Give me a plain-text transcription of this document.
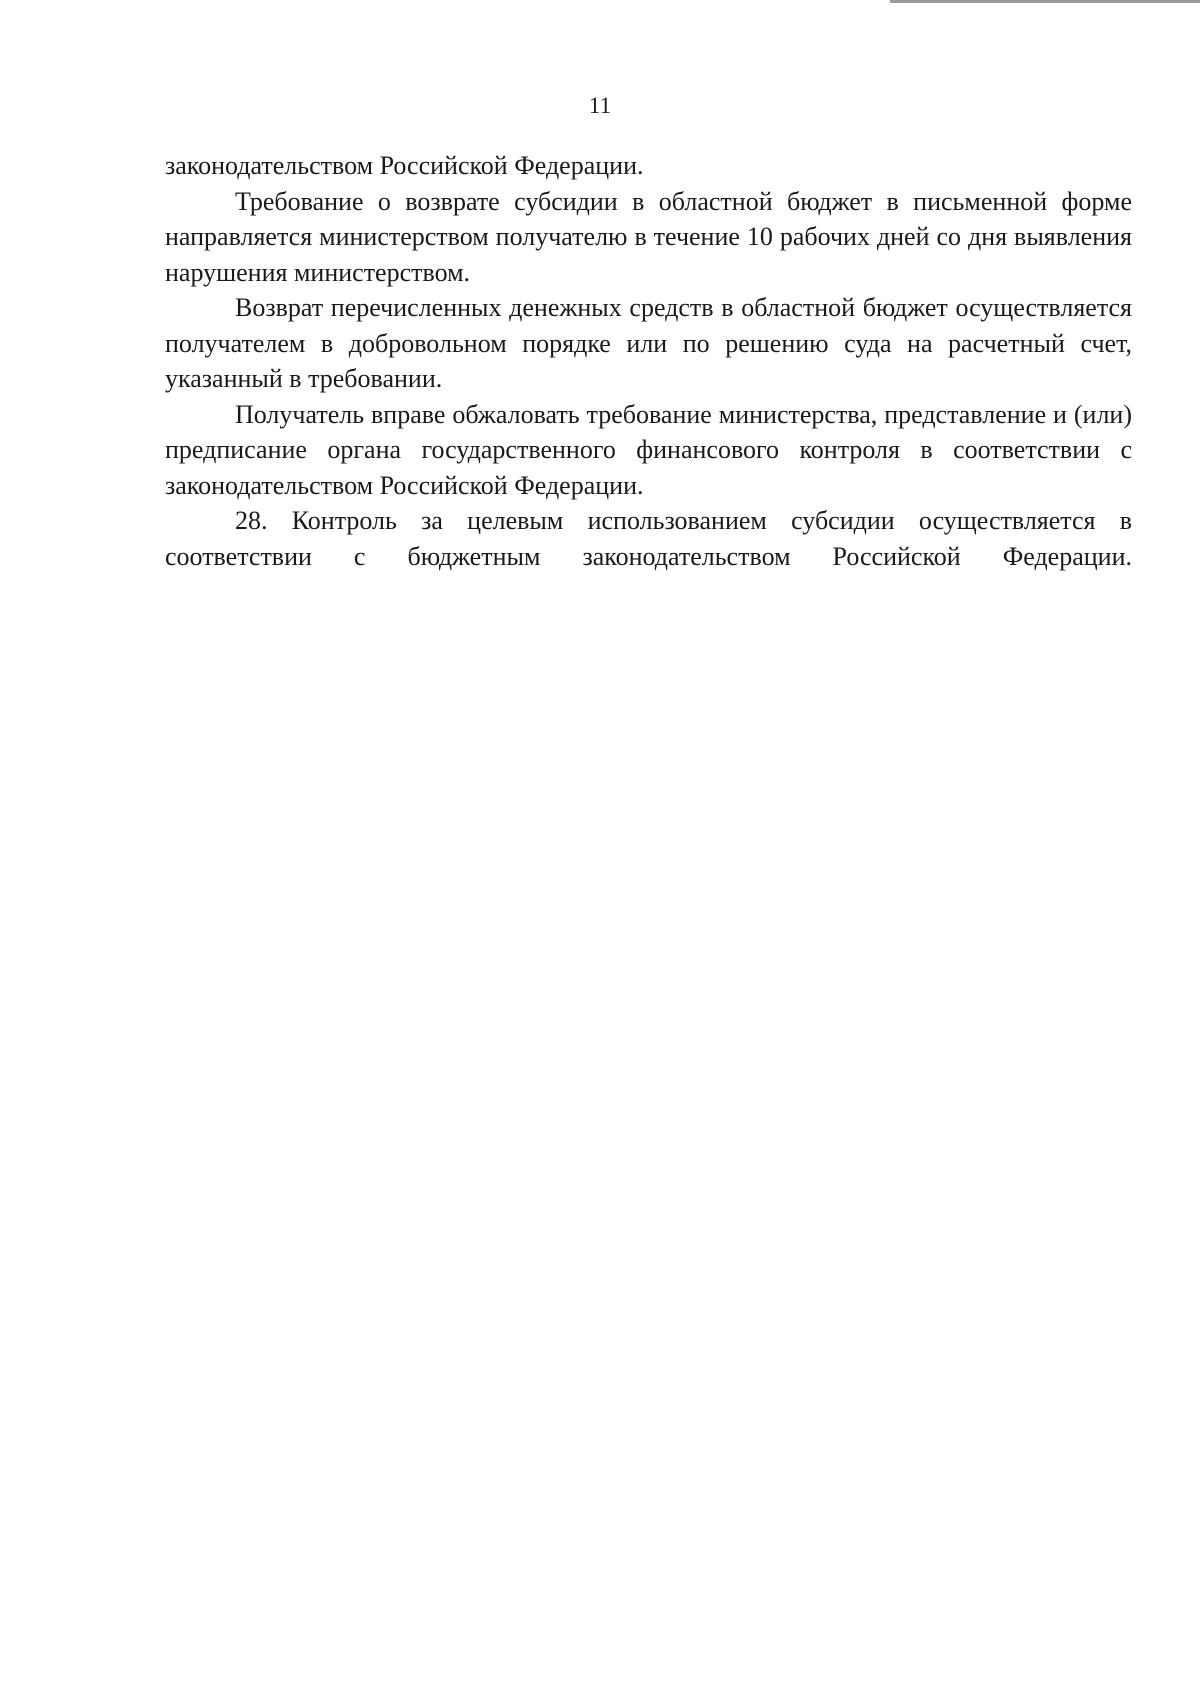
11

законодательством Российской Федерации.

Требование о возврате субсидии в областной бюджет в письменной форме направляется министерством получателю в течение 10 рабочих дней со дня выявления нарушения министерством.

Возврат перечисленных денежных средств в областной бюджет осуществляется получателем в добровольном порядке или по решению суда на расчетный счет, указанный в требовании.

Получатель вправе обжаловать требование министерства, представление и (или) предписание органа государственного финансового контроля в соответствии с законодательством Российской Федерации.

28. Контроль за целевым использованием субсидии осуществляется в соответствии с бюджетным законодательством Российской Федерации.
